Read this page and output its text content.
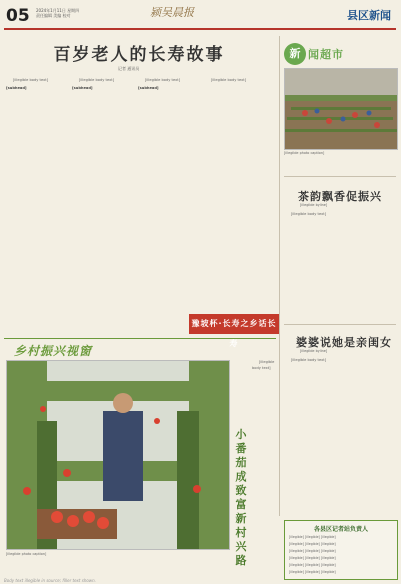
05 2024年1月11日 星期四
责任编辑 美编 校对	颍吴晨报	县区新闻
百岁老人的长寿故事
记者 通讯员

[illegible body text]

[subhead]

[illegible body text]

[subhead]

[illegible body text]

[subhead]

[illegible body text]

豫坡杯·长寿之乡话长寿
新 闻超市
[illegible photo caption]
茶韵飘香促振兴
[illegible byline]

[illegible body text]

婆婆说她是亲闺女
[illegible byline]

[illegible body text]

乡村振兴视窗
[illegible photo caption]
小番茄成致富新村兴路

[illegible body text]

各县区记者站负责人
[illegible] [illegible] [illegible]
[illegible] [illegible] [illegible]
[illegible] [illegible] [illegible]
[illegible] [illegible] [illegible]
[illegible] [illegible] [illegible]
[illegible] [illegible] [illegible]
Body text illegible in source; filler text shown.
